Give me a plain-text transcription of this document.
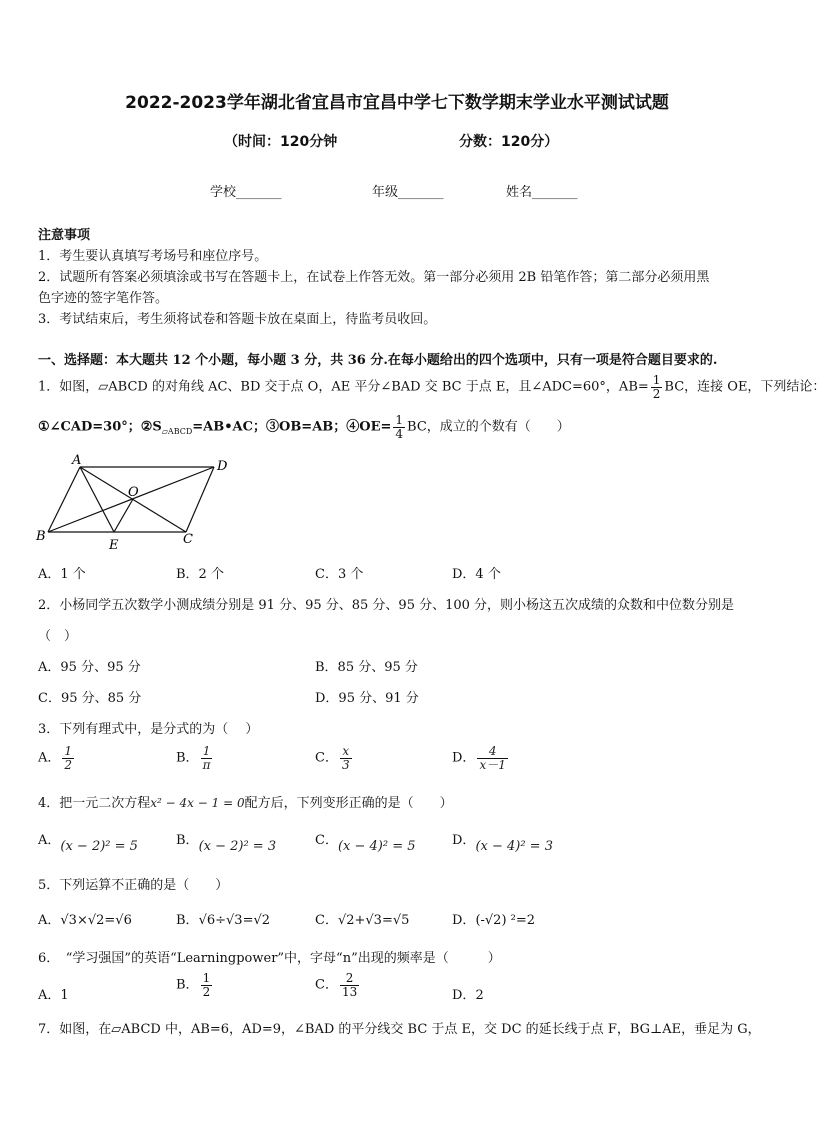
2022-2023学年湖北省宜昌市宜昌中学七下数学期末学业水平测试试题
（时间：120分钟	分数：120分）
学校_______	年级_______	姓名_______
注意事项
1．考生要认真填写考场号和座位序号。
2．试题所有答案必须填涂或书写在答题卡上，在试卷上作答无效。第一部分必须用 2B 铅笔作答；第二部分必须用黑
色字迹的签字笔作答。
3．考试结束后，考生须将试卷和答题卡放在桌面上，待监考员收回。
一、选择题：本大题共 12 个小题，每小题 3 分，共 36 分.在每小题给出的四个选项中，只有一项是符合题目要求的.
1．如图，▱ABCD 的对角线 AC、BD 交于点 O，AE 平分∠BAD 交 BC 于点 E，且∠ADC=60°，$AB= \frac{1}{2}$ BC，连接 OE，下列结论：
①∠CAD=30°；$②S_{▱ABCD}=AB•AC$；③OB=AB；④OE= $\frac{1}{4}$ BC，成立的个数有（　　）
A	D
O
B
E	C
A．1 个	B．2 个	C．3 个	D．4 个
2．小杨同学五次数学小测成绩分别是 91 分、95 分、85 分、95 分、100 分，则小杨这五次成绩的众数和中位数分别是
（　）
A．95 分、95 分	B．85 分、95 分
C．95 分、85 分	D．95 分、91 分
3．下列有理式中，是分式的为（　 ）
A． $\frac{1}{2}$	B． $\frac{1}{\pi}$	C． $\frac{x}{3}$	D． $\frac{4}{x-1}$
4．把一元二次方程x² − 4x − 1 = 0配方后，下列变形正确的是（　　）
A．(x − 2)² = 5	B．(x − 2)² = 3	C．(x − 4)² = 5	D．(x − 4)² = 3
5．下列运算不正确的是（　　）
A．√3×√2=√6	B．√6÷√3=√2	C．√2+√3=√5	D．(-√2) ²=2
6．　“学习强国”的英语“Learningpower”中，字母“n”出现的频率是（　　　）
A．1
B． $\frac{1}{2}$	C． $\frac{2}{13}$	D．2
7．如图，在▱ABCD 中，AB=6，AD=9，∠BAD 的平分线交 BC 于点 E，交 DC 的延长线于点 F，BG⊥AE，垂足为 G，
